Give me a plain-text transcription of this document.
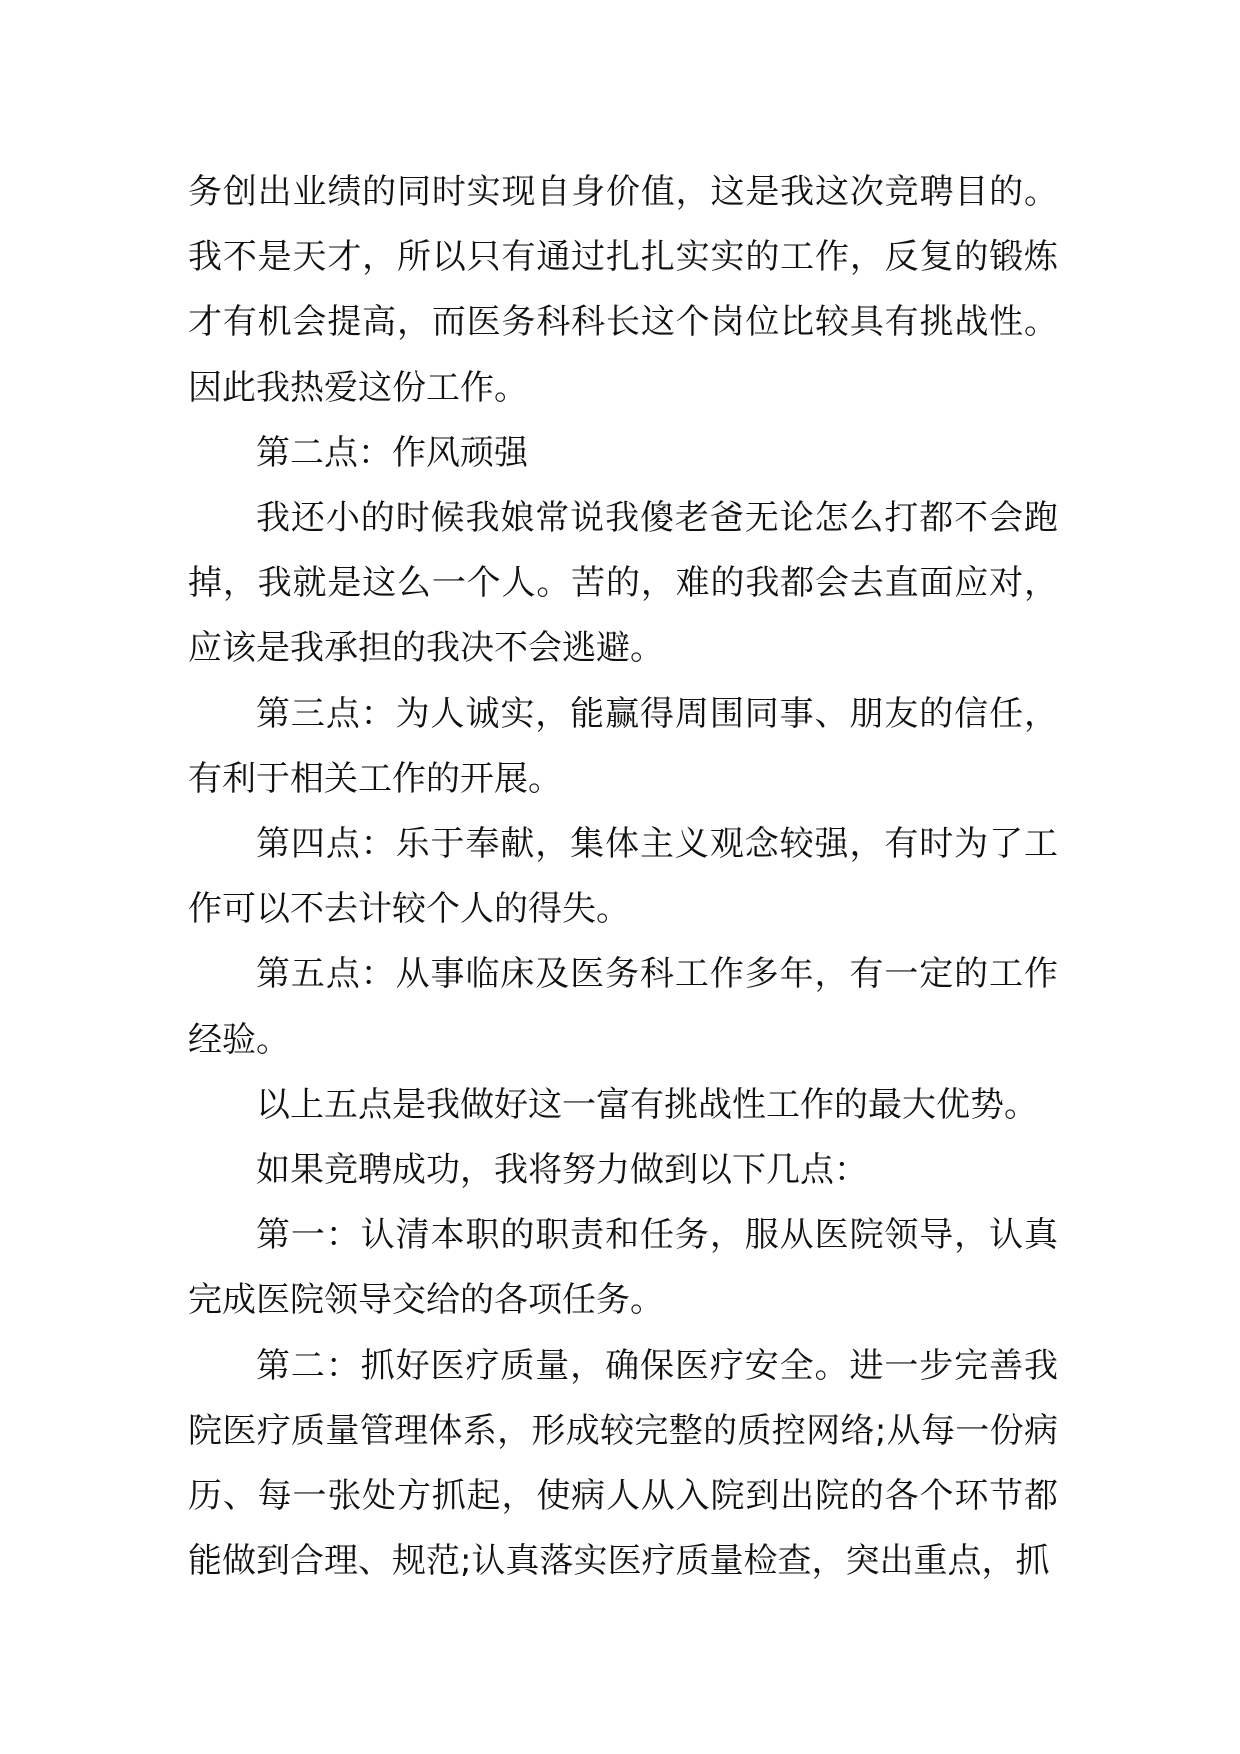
务创出业绩的同时实现自身价值，这是我这次竞聘目的。我不是天才，所以只有通过扎扎实实的工作，反复的锻炼才有机会提高，而医务科科长这个岗位比较具有挑战性。因此我热爱这份工作。

第二点：作风顽强

我还小的时候我娘常说我傻老爸无论怎么打都不会跑掉，我就是这么一个人。苦的，难的我都会去直面应对，应该是我承担的我决不会逃避。

第三点：为人诚实，能赢得周围同事、朋友的信任，有利于相关工作的开展。

第四点：乐于奉献，集体主义观念较强，有时为了工作可以不去计较个人的得失。

第五点：从事临床及医务科工作多年，有一定的工作经验。

以上五点是我做好这一富有挑战性工作的最大优势。

如果竞聘成功，我将努力做到以下几点：

第一：认清本职的职责和任务，服从医院领导，认真完成医院领导交给的各项任务。

第二：抓好医疗质量，确保医疗安全。进一步完善我院医疗质量管理体系，形成较完整的质控网络;从每一份病历、每一张处方抓起，使病人从入院到出院的各个环节都能做到合理、规范;认真落实医疗质量检查，突出重点，抓
